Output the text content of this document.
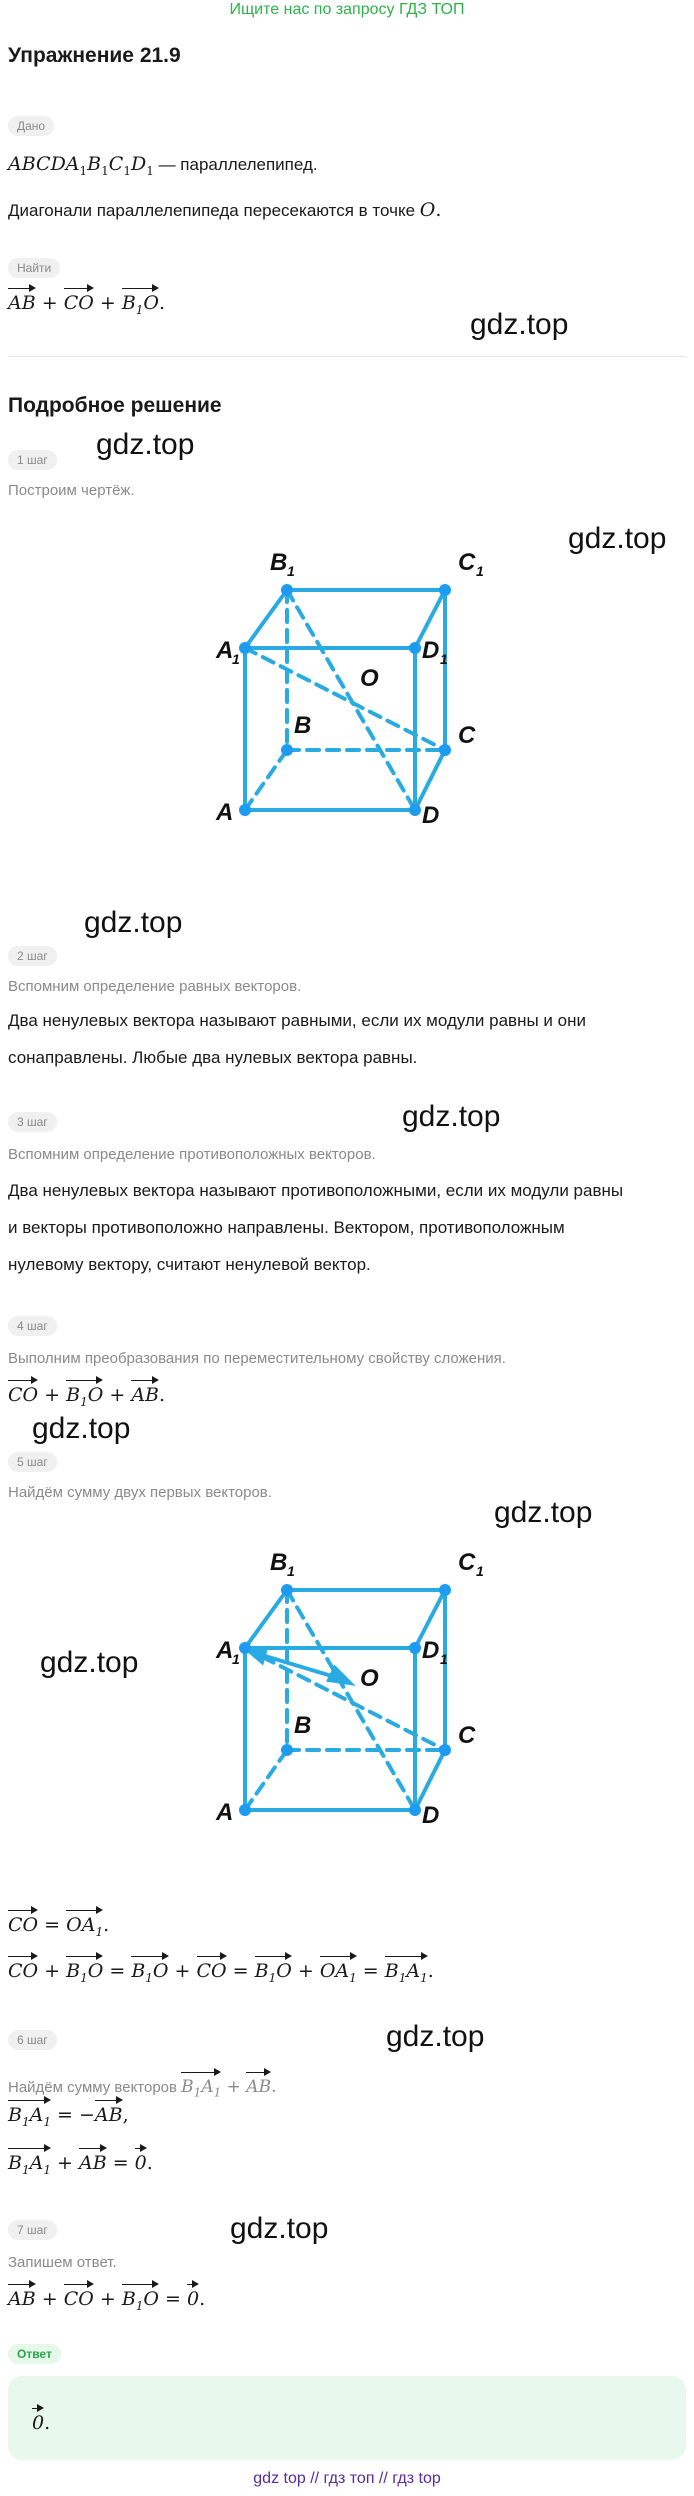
Ищите нас по запросу ГДЗ ТОП
Упражнение 21.9
Дано
$ABCDA_1B_1C_1D_1$ — параллелепипед.
Диагонали параллелепипеда пересекаются в точке O.
Найти
AB + CO + $B_1O$.
gdz.top
Подробное решение
gdz.top
1 шаг
Построим чертёж.
gdz.top
A	D
A
1	D 1
B 1	C 1
B	C
O
gdz.top
2 шаг
Вспомним определение равных векторов.
Два ненулевых вектора называют равными, если их модули равны и они
сонаправлены. Любые два нулевых вектора равны.
gdz.top
3 шаг
Вспомним определение противоположных векторов.
Два ненулевых вектора называют противоположными, если их модули равны
и векторы противоположно направлены. Вектором, противоположным
нулевому вектору, считают ненулевой вектор.
4 шаг
Выполним преобразования по переместительному свойству сложения.
CO + $B_1O$ + AB.
gdz.top
5 шаг
Найдём сумму двух первых векторов.
gdz.top
gdz.top
A	D
A
1	D 1
B 1	C 1
B	C
O
CO = $OA_1$.
CO + $B_1O = B_1O$ + CO = $B_1O + OA_1 = B_1A_1$.
gdz.top
6 шаг
Найдём сумму векторов $B_1A_1$ + AB.
$B_1A_1 = -AB$,
$B_1A_1$ + AB = 0.
gdz.top
7 шаг
Запишем ответ.
AB + CO + $B_1O = 0$.
Ответ
0.
gdz top // гдз топ // гдз top
